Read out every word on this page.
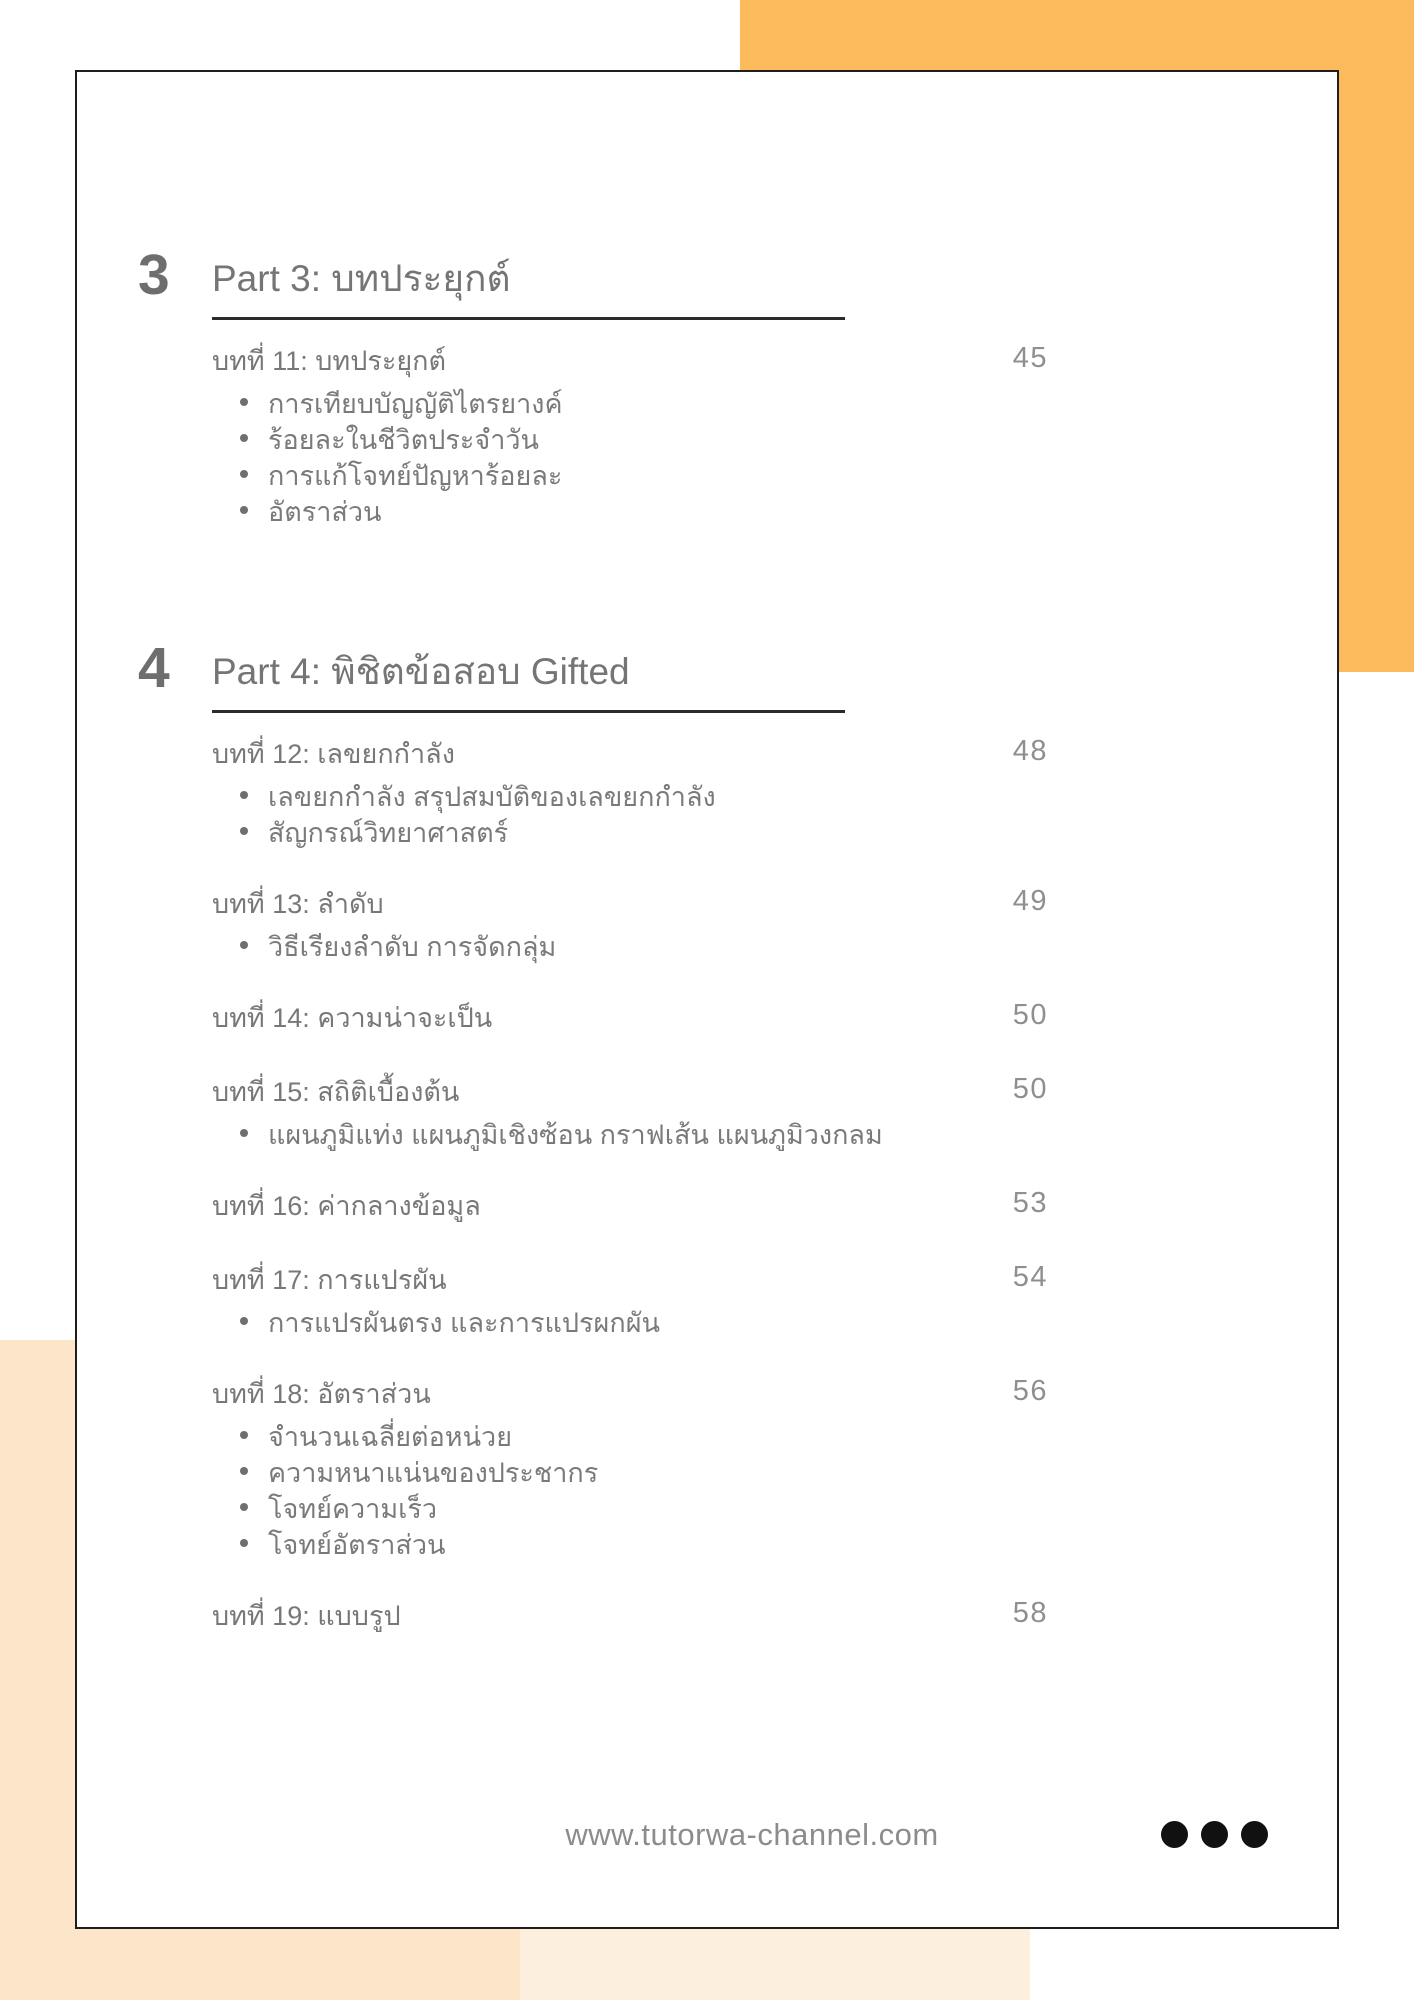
3 Part 3: บทประยุกต์
บทที่ 11: บทประยุกต์	45
การเทียบบัญญัติไตรยางค์
ร้อยละในชีวิตประจำวัน
การแก้โจทย์ปัญหาร้อยละ
อัตราส่วน
4 Part 4: พิชิตข้อสอบ Gifted
บทที่ 12: เลขยกกำลัง	48
เลขยกกำลัง สรุปสมบัติของเลขยกกำลัง
สัญกรณ์วิทยาศาสตร์
บทที่ 13: ลำดับ	49
วิธีเรียงลำดับ การจัดกลุ่ม
บทที่ 14: ความน่าจะเป็น	50
บทที่ 15: สถิติเบื้องต้น	50
แผนภูมิแท่ง แผนภูมิเชิงซ้อน กราฟเส้น แผนภูมิวงกลม
บทที่ 16: ค่ากลางข้อมูล	53
บทที่ 17: การแปรผัน	54
การแปรผันตรง และการแปรผกผัน
บทที่ 18: อัตราส่วน	56
จำนวนเฉลี่ยต่อหน่วย
ความหนาแน่นของประชากร
โจทย์ความเร็ว
โจทย์อัตราส่วน
บทที่ 19: แบบรูป	58
www.tutorwa-channel.com
